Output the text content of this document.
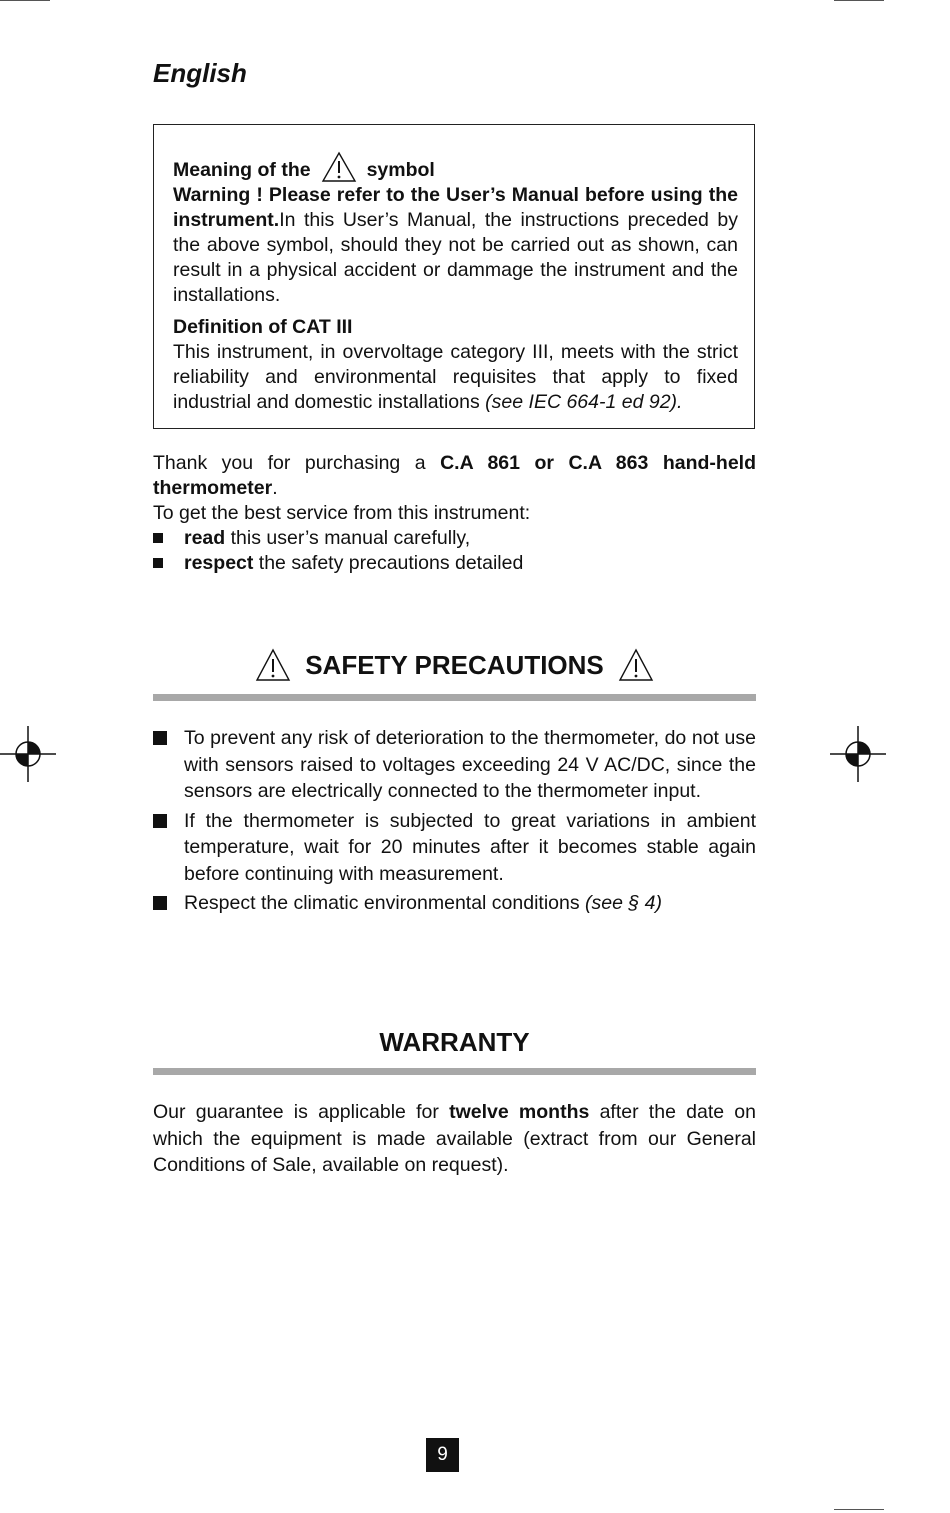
English
Meaning of the	symbol

Warning ! Please refer to the User’s Manual before using the instrument.In this User’s Manual, the instructions preceded by the above symbol, should they not be carried out as shown, can result in a physical accident or dammage the instrument and the installations.

Definition of CAT III

This instrument, in overvoltage category III, meets with the strict reliability and environmental requisites that apply to fixed industrial and domestic installations (see IEC 664-1 ed 92).

Thank you for purchasing a C.A 861 or C.A 863 hand-held thermometer.

To get the best service from this instrument:

read this user’s manual carefully,
respect the safety precautions detailed
SAFETY PRECAUTIONS
To prevent any risk of deterioration to the thermometer, do not use with sensors raised to voltages exceeding 24 V AC/DC, since the sensors are electrically connected to the thermometer input.
If the thermometer is subjected to great variations in ambient temperature, wait for 20 minutes after it becomes stable again before continuing with measurement.
Respect the climatic environmental conditions (see § 4)
WARRANTY
Our guarantee is applicable for twelve months after the date on which the equipment is made available (extract from our General Conditions of Sale, available on request).
9
